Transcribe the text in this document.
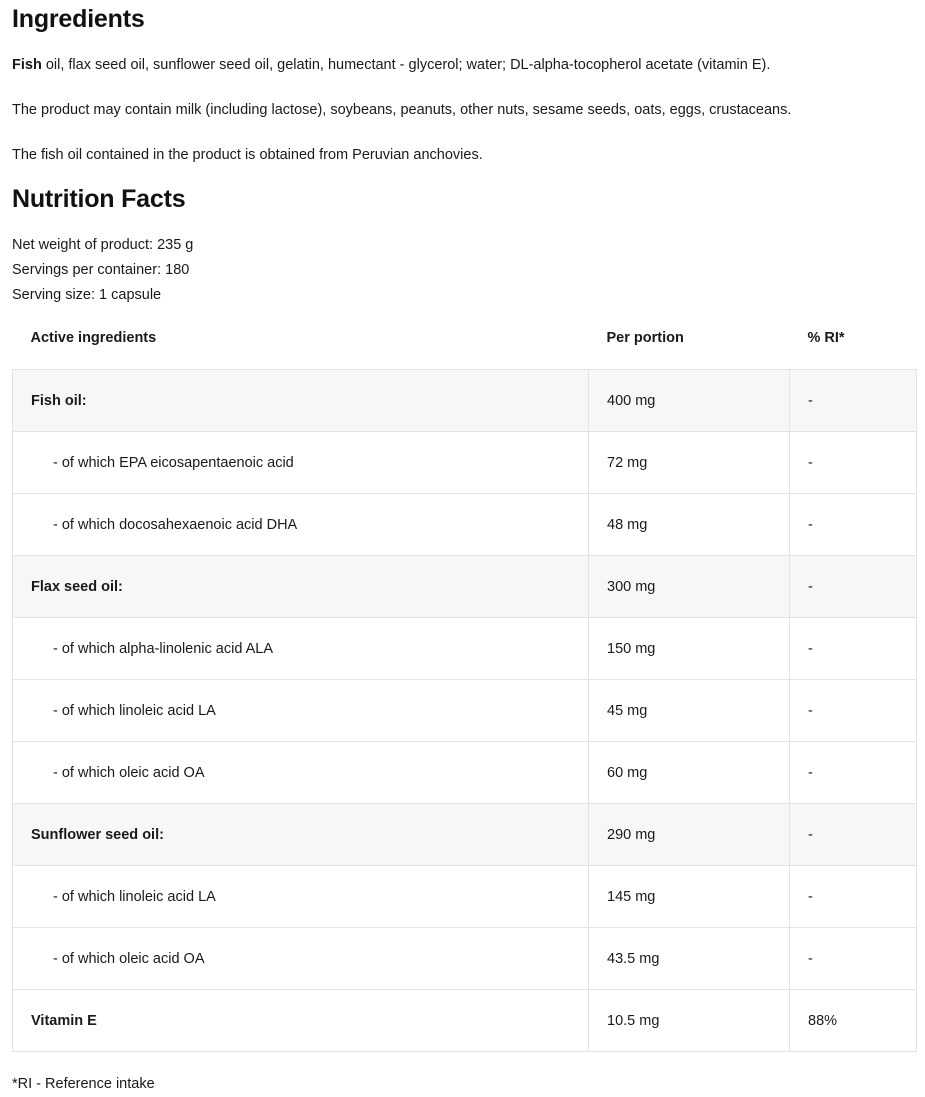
Ingredients

Fish oil, flax seed oil, sunflower seed oil, gelatin, humectant - glycerol; water; DL-alpha-tocopherol acetate (vitamin E).

The product may contain milk (including lactose), soybeans, peanuts, other nuts, sesame seeds, oats, eggs, crustaceans.

The fish oil contained in the product is obtained from Peruvian anchovies.

Nutrition Facts
Net weight of product: 235 g
Servings per container: 180
Serving size: 1 capsule
Active ingredients	Per portion	% RI*
Fish oil:	400 mg	-
- of which EPA eicosapentaenoic acid	72 mg	-
- of which docosahexaenoic acid DHA	48 mg	-
Flax seed oil:	300 mg	-
- of which alpha-linolenic acid ALA	150 mg	-
- of which linoleic acid LA	45 mg	-
- of which oleic acid OA	60 mg	-
Sunflower seed oil:	290 mg	-
- of which linoleic acid LA	145 mg	-
- of which oleic acid OA	43.5 mg	-
Vitamin E	10.5 mg	88%
*RI - Reference intake
